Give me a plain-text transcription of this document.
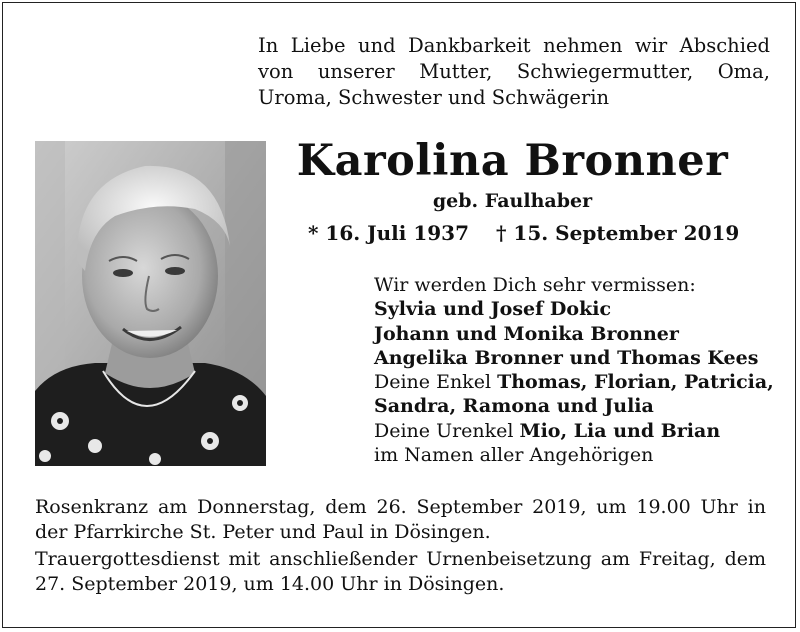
In Liebe und Dankbarkeit nehmen wir Abschied von unserer Mutter, Schwiegermutter, Oma, Uroma, Schwester und Schwägerin
Karolina Bronner
geb. Faulhaber
* 16. Juli 1937 † 15. September 2019
Wir werden Dich sehr vermissen:
Sylvia und Josef Dokic
Johann und Monika Bronner
Angelika Bronner und Thomas Kees
Deine Enkel Thomas, Florian, Patricia,
Sandra, Ramona und Julia
Deine Urenkel Mio, Lia und Brian
im Namen aller Angehörigen

Rosenkranz am Donnerstag, dem 26. September 2019, um 19.00 Uhr in der Pfarrkirche St. Peter und Paul in Dösingen.

Trauergottesdienst mit anschließender Urnenbeisetzung am Freitag, dem 27. September 2019, um 14.00 Uhr in Dösingen.
